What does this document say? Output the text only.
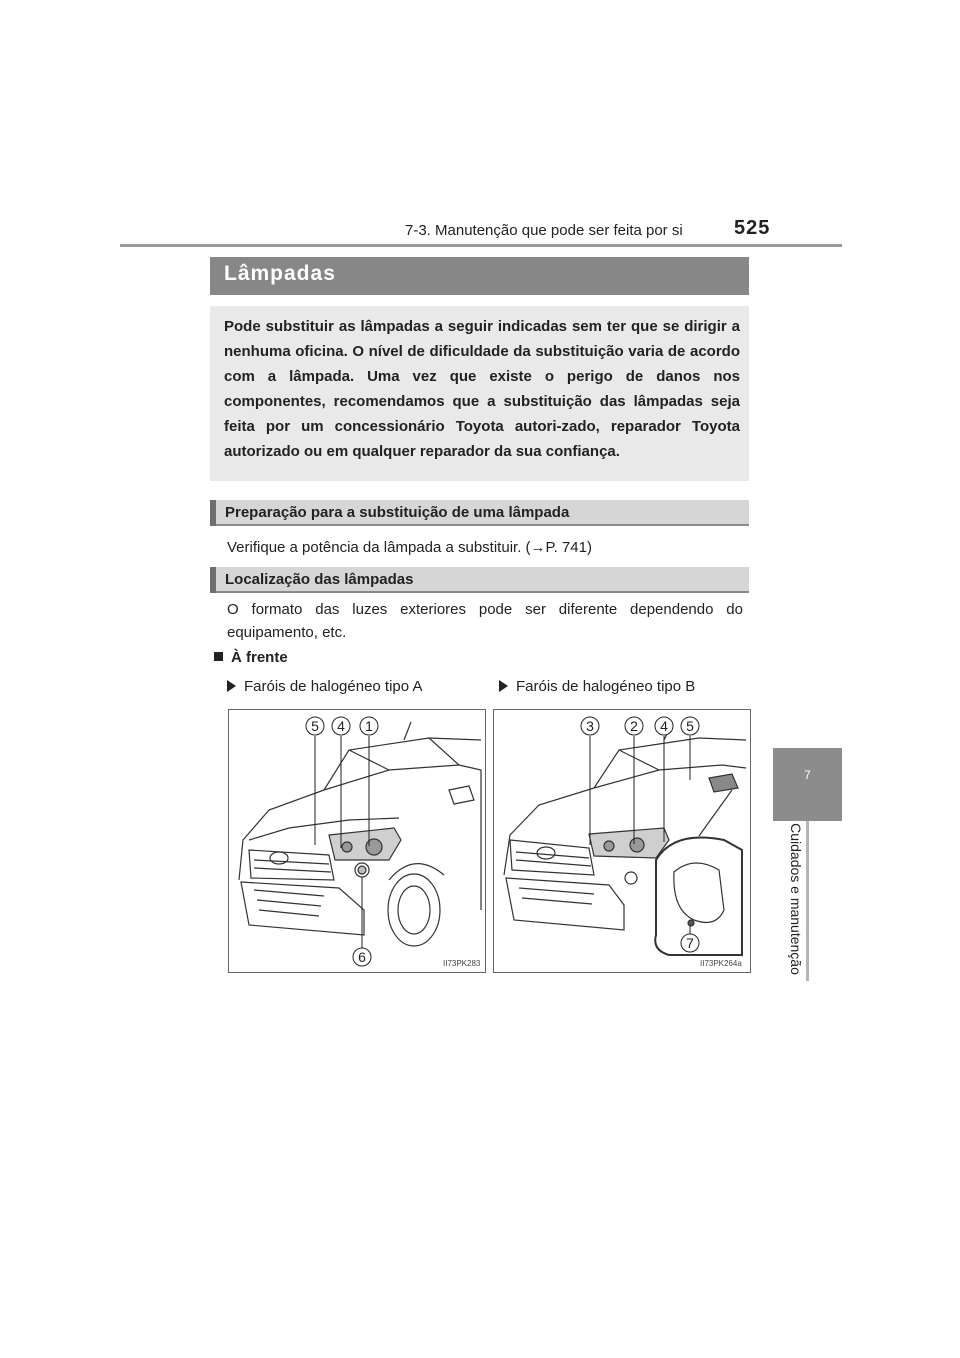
7-3. Manutenção que pode ser feita por si	525
7
Cuidados e manutenção
Lâmpadas

Pode substituir as lâmpadas a seguir indicadas sem ter que se dirigir a nenhuma oficina. O nível de dificuldade da substituição varia de acordo com a lâmpada. Uma vez que existe o perigo de danos nos componentes, recomendamos que a substituição das lâmpadas seja feita por um concessionário Toyota autori-zado, reparador Toyota autorizado ou em qualquer reparador da sua confiança.

Preparação para a substituição de uma lâmpada
Verifique a potência da lâmpada a substituir. (→P. 741)
Localização das lâmpadas
O formato das luzes exteriores pode ser diferente dependendo do equipamento, etc.
À frente
Faróis de halogéneo tipo A	Faróis de halogéneo tipo B
5 4 1
6	II73PK283
3	2 4 5
7
II73PK264a
